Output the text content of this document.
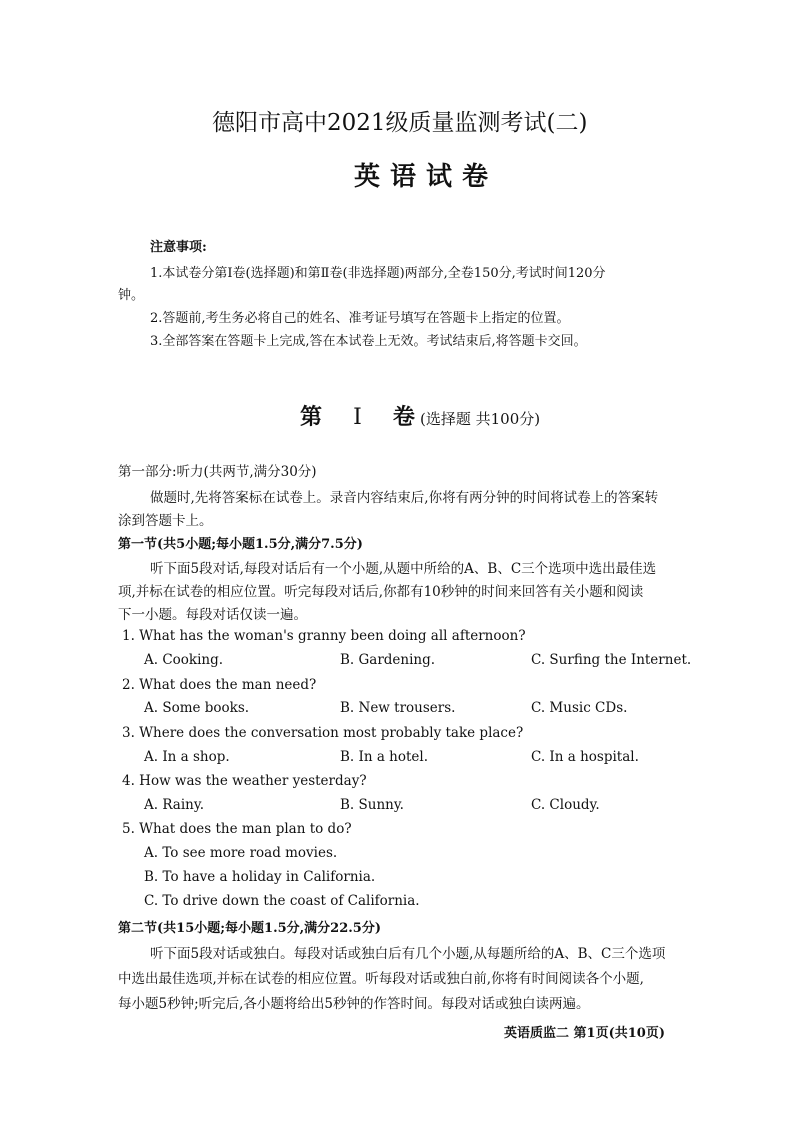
德阳市高中2021级质量监测考试(二)
英语试卷
注意事项:
1.本试卷分第Ⅰ卷(选择题)和第Ⅱ卷(非选择题)两部分,全卷150分,考试时间120分
钟。
2.答题前,考生务必将自己的姓名、准考证号填写在答题卡上指定的位置。
3.全部答案在答题卡上完成,答在本试卷上无效。考试结束后,将答题卡交回。
第 Ⅰ 卷 (选择题 共100分)
第一部分:听力(共两节,满分30分)
做题时,先将答案标在试卷上。录音内容结束后,你将有两分钟的时间将试卷上的答案转
涂到答题卡上。
第一节(共5小题;每小题1.5分,满分7.5分)
听下面5段对话,每段对话后有一个小题,从题中所给的A、B、C三个选项中选出最佳选
项,并标在试卷的相应位置。听完每段对话后,你都有10秒钟的时间来回答有关小题和阅读
下一小题。每段对话仅读一遍。
1. What has the woman's granny been doing all afternoon?
A. Cooking.	B. Gardening.	C. Surfing the Internet.
2. What does the man need?
A. Some books.	B. New trousers.	C. Music CDs.
3. Where does the conversation most probably take place?
A. In a shop.	B. In a hotel.	C. In a hospital.
4. How was the weather yesterday?
A. Rainy.	B. Sunny.	C. Cloudy.
5. What does the man plan to do?
A. To see more road movies.
B. To have a holiday in California.
C. To drive down the coast of California.
第二节(共15小题;每小题1.5分,满分22.5分)
听下面5段对话或独白。每段对话或独白后有几个小题,从每题所给的A、B、C三个选项
中选出最佳选项,并标在试卷的相应位置。听每段对话或独白前,你将有时间阅读各个小题,
每小题5秒钟;听完后,各小题将给出5秒钟的作答时间。每段对话或独白读两遍。
英语质监二 第1页(共10页)
